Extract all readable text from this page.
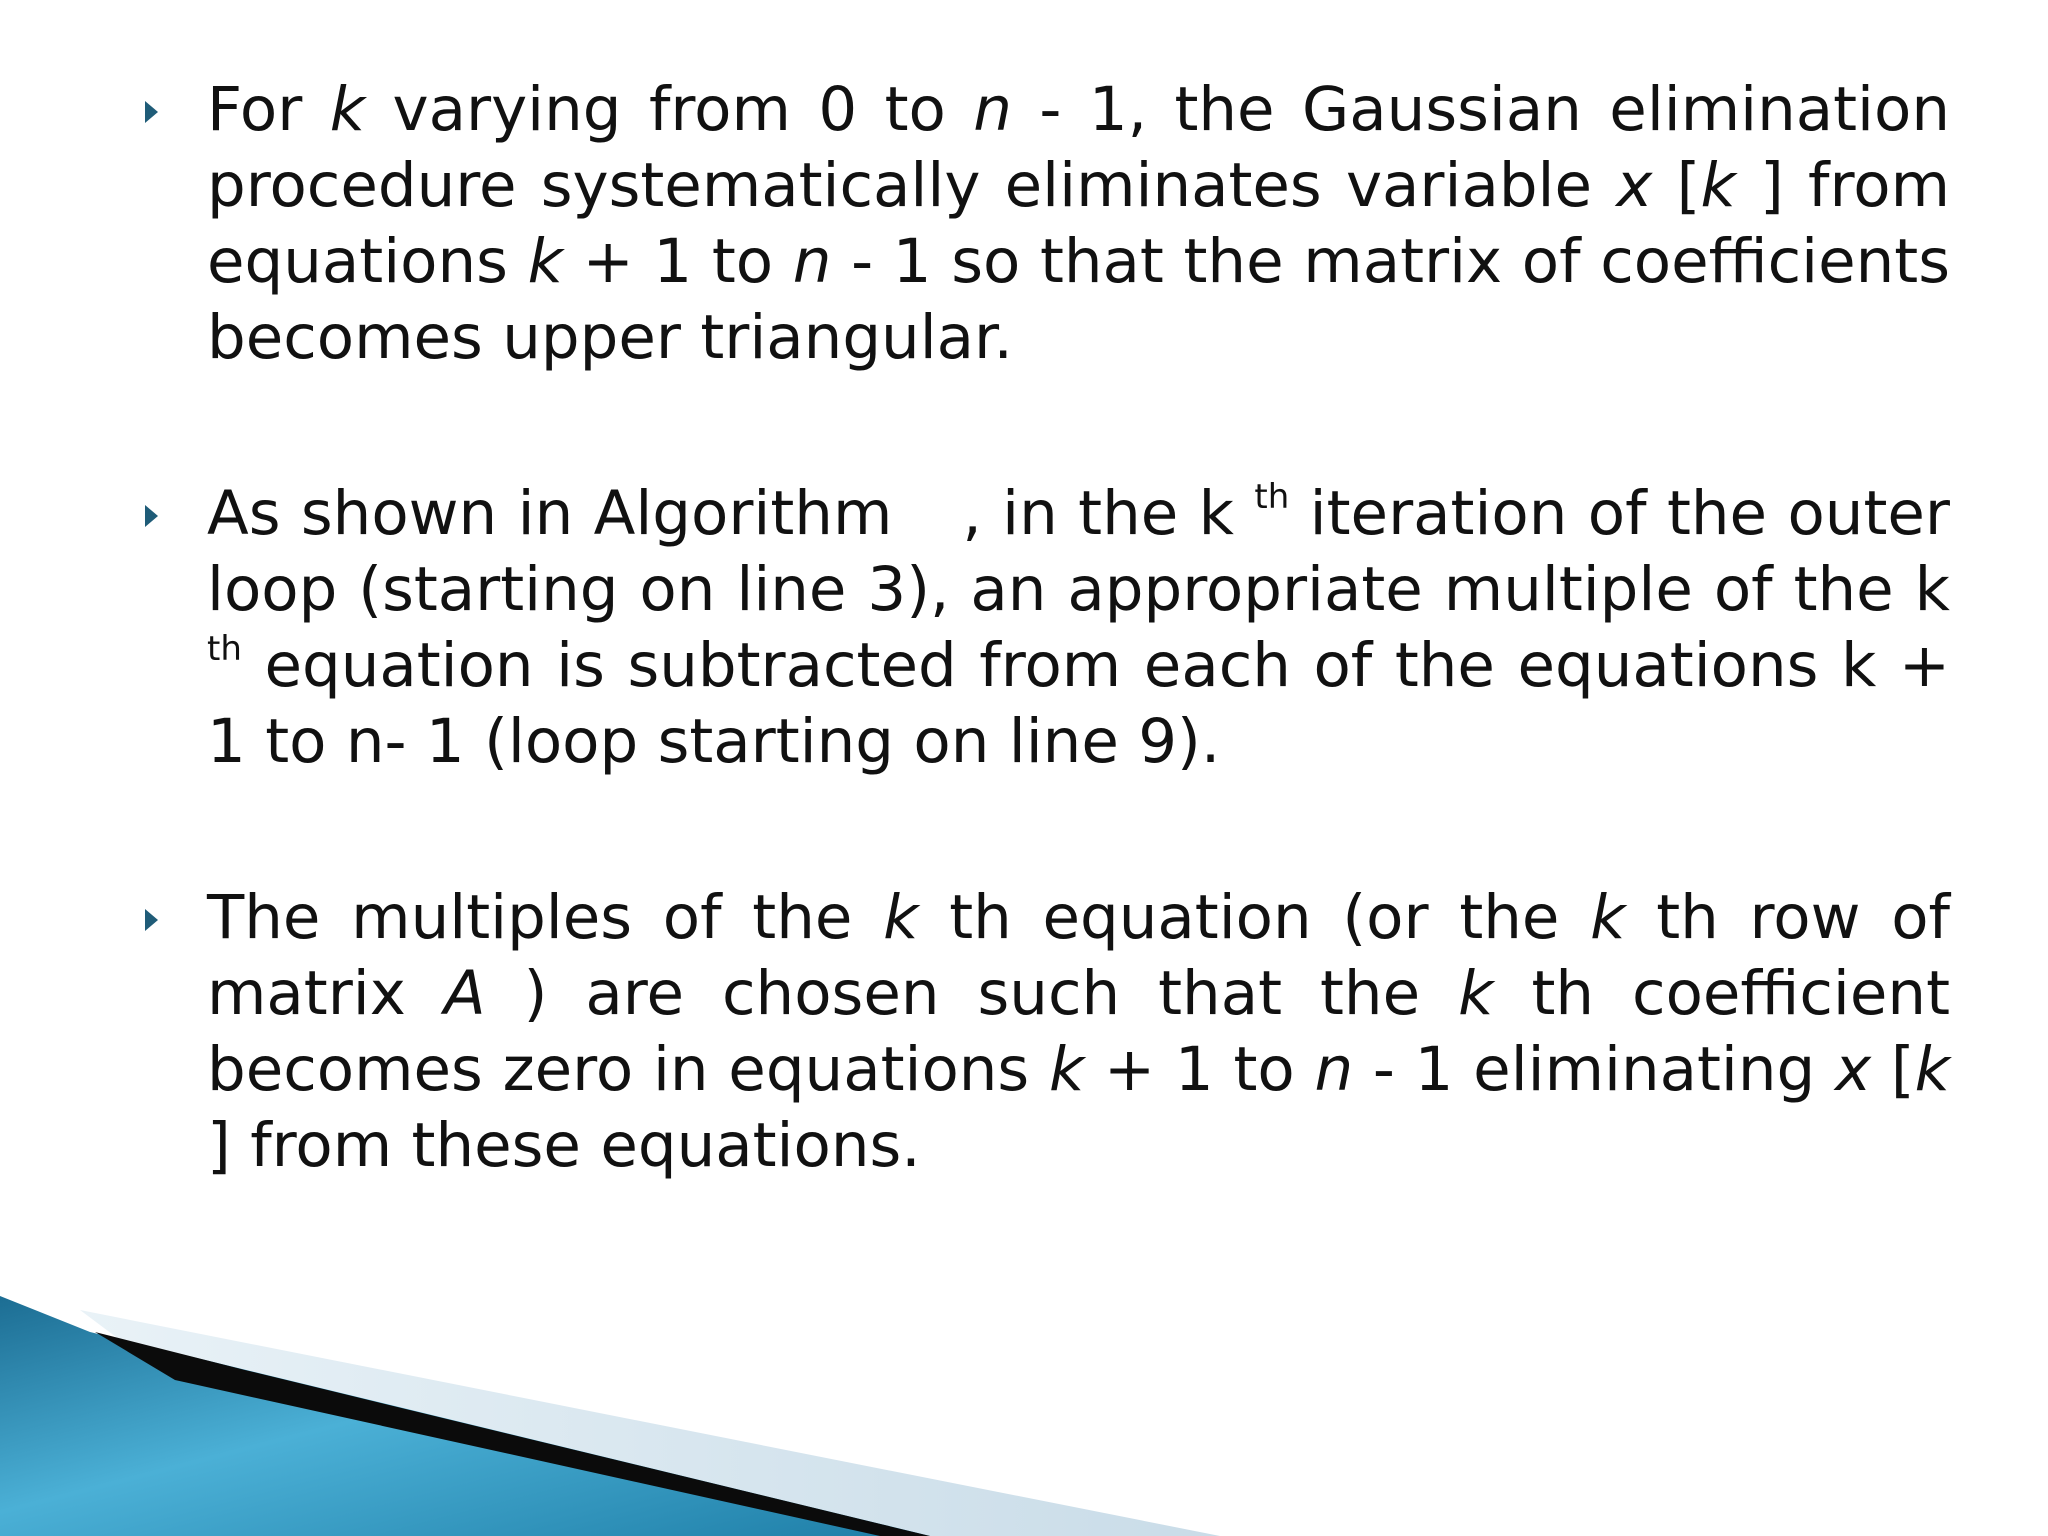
For k varying from 0 to n - 1, the Gaussian elimination procedure systematically eliminates variable x [k ] from equations k + 1 to n - 1 so that the matrix of coefficients becomes upper triangular.
As shown in Algorithm , in the k $^{th}$ iteration of the outer loop (starting on line 3), an appropriate multiple of the k $^{th}$ equation is subtracted from each of the equations k + 1 to n- 1 (loop starting on line 9).
The multiples of the k th equation (or the k th row of matrix A ) are chosen such that the k th coefficient becomes zero in equations k + 1 to n - 1 eliminating x [k ] from these equations.
